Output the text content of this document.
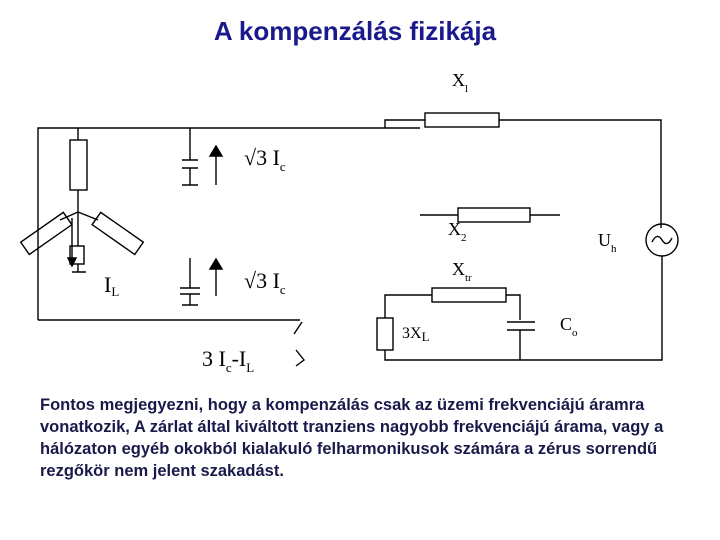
A kompenzálás fizikája
$X_l$
√3 $I_c$
$X_2$	$U_h$
IL	√3 $I_c$
$X_{tr}$
3XL
$C_o$
3 $I_c-I_L$
Fontos megjegyezni, hogy a kompenzálás csak az üzemi frekvenciájú áramra vonatkozik, A zárlat által kiváltott tranziens nagyobb frekvenciájú árama, vagy a hálózaton egyéb okokból kialakuló felharmonikusok számára a zérus sorrendű rezgőkör nem jelent szakadást.
